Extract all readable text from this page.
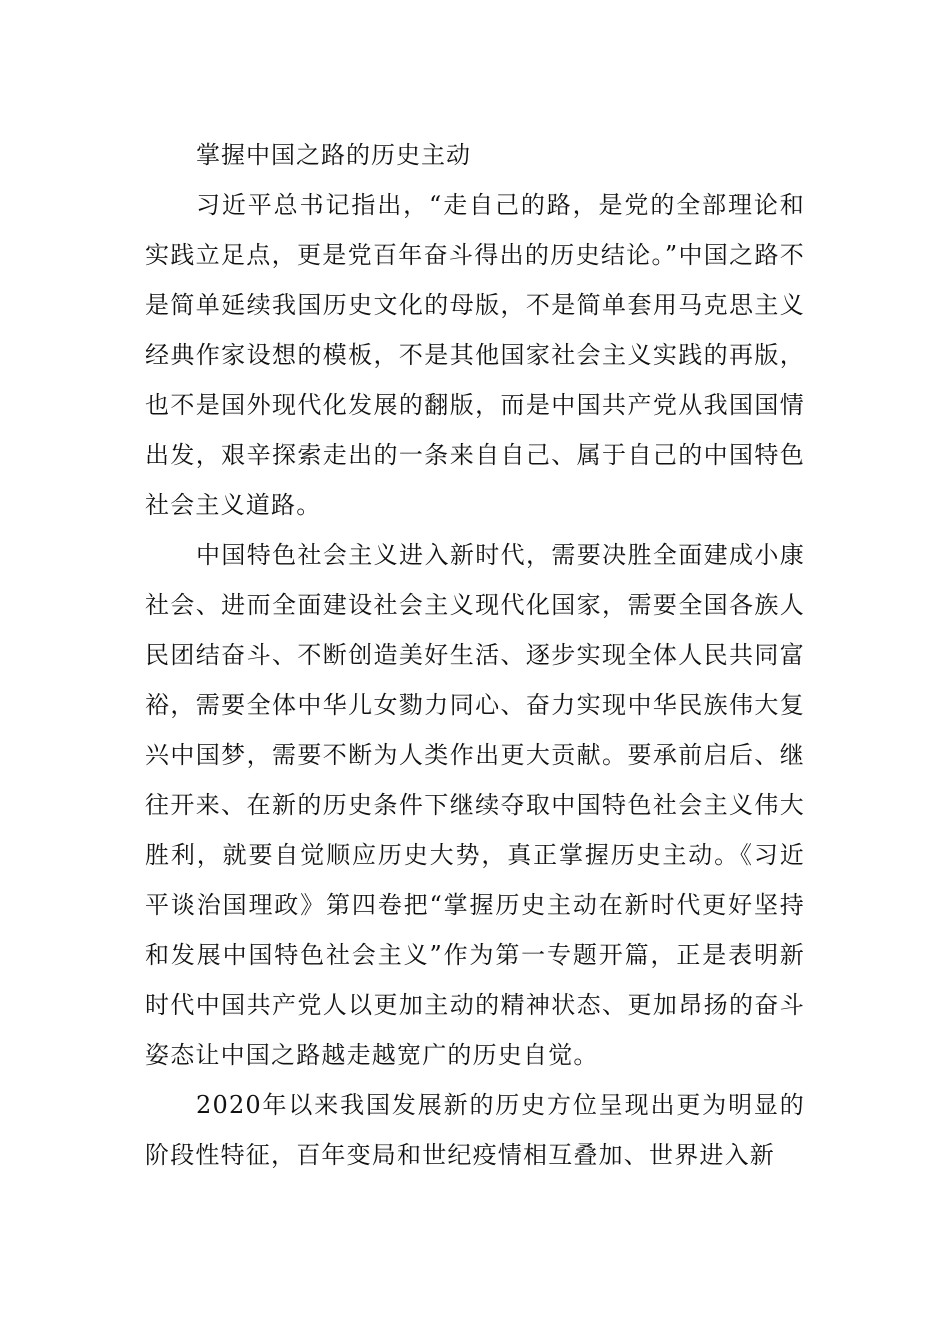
掌握中国之路的历史主动

习近平总书记指出，“走自己的路，是党的全部理论和实践立足点，更是党百年奋斗得出的历史结论。”中国之路不是简单延续我国历史文化的母版，不是简单套用马克思主义经典作家设想的模板，不是其他国家社会主义实践的再版，也不是国外现代化发展的翻版，而是中国共产党从我国国情出发，艰辛探索走出的一条来自自己、属于自己的中国特色社会主义道路。

中国特色社会主义进入新时代，需要决胜全面建成小康社会、进而全面建设社会主义现代化国家，需要全国各族人民团结奋斗、不断创造美好生活、逐步实现全体人民共同富裕，需要全体中华儿女勠力同心、奋力实现中华民族伟大复兴中国梦，需要不断为人类作出更大贡献。要承前启后、继往开来、在新的历史条件下继续夺取中国特色社会主义伟大胜利，就要自觉顺应历史大势，真正掌握历史主动。《习近平谈治国理政》第四卷把“掌握历史主动在新时代更好坚持和发展中国特色社会主义”作为第一专题开篇，正是表明新时代中国共产党人以更加主动的精神状态、更加昂扬的奋斗姿态让中国之路越走越宽广的历史自觉。

2020年以来我国发展新的历史方位呈现出更为明显的阶段性特征，百年变局和世纪疫情相互叠加、世界进入新
